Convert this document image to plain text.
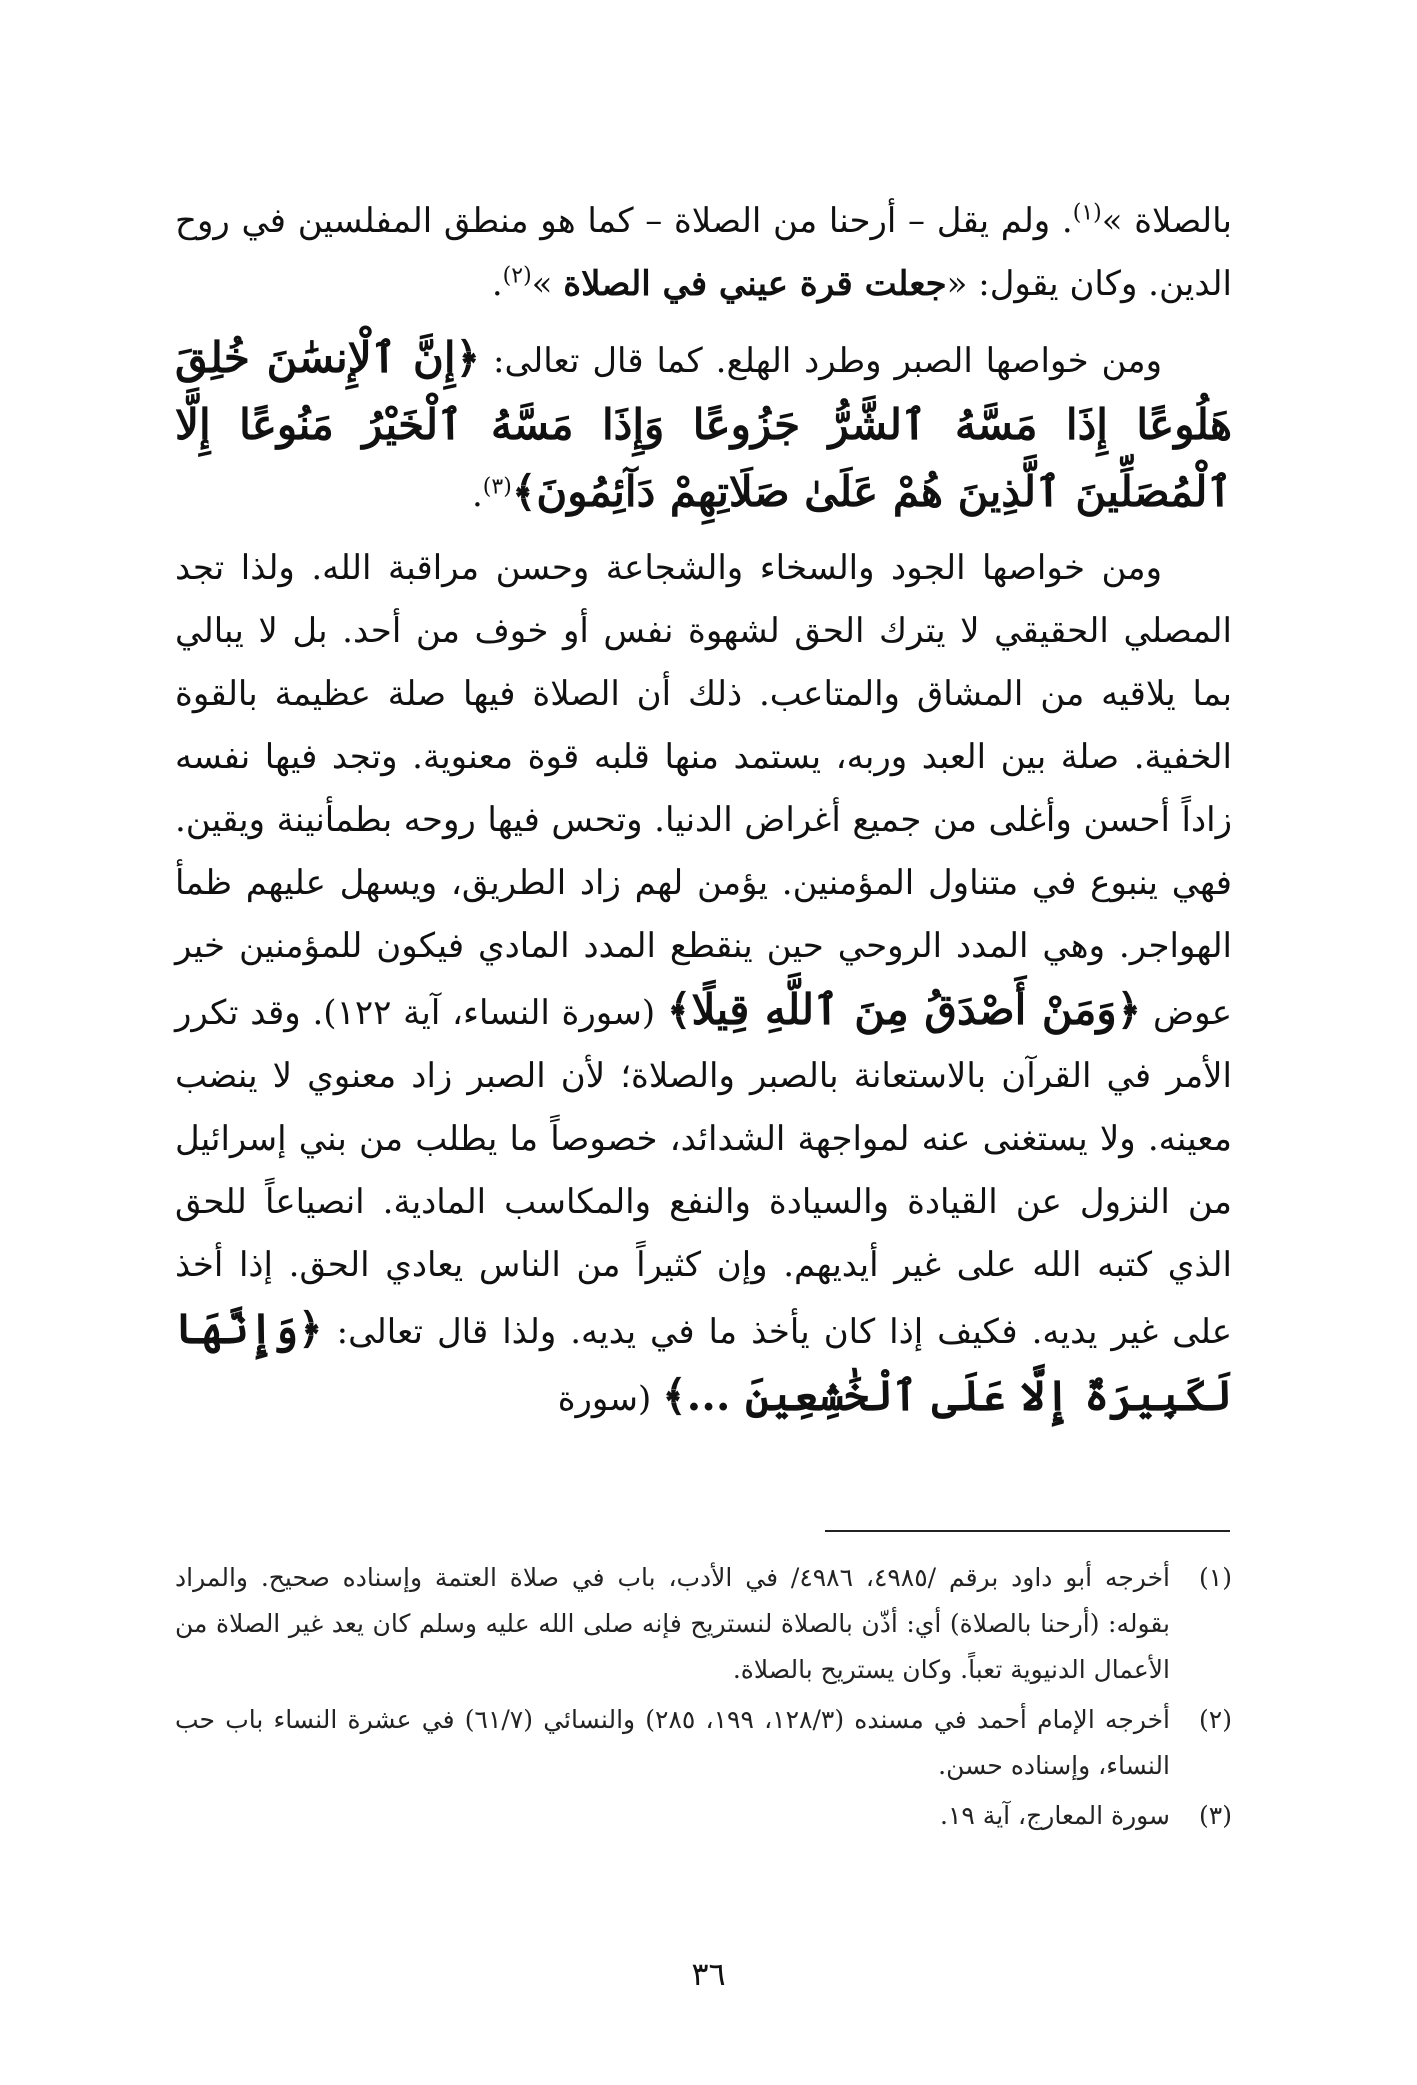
بالصلاة »$^{(١)}$. ولم يقل – أرحنا من الصلاة – كما هو منطق المفلسين في روح الدين. وكان يقول: «جعلت قرة عيني في الصلاة »$^{(٢)}$.

ومن خواصها الصبر وطرد الهلع. كما قال تعالى: ﴿إِنَّ ٱلْإِنسَٰنَ خُلِقَ هَلُوعًا إِذَا مَسَّهُ ٱلشَّرُّ جَزُوعًا وَإِذَا مَسَّهُ ٱلْخَيْرُ مَنُوعًا إِلَّا ٱلْمُصَلِّينَ ٱلَّذِينَ هُمْ عَلَىٰ صَلَاتِهِمْ دَآئِمُونَ﴾$^{(٣)}$.

ومن خواصها الجود والسخاء والشجاعة وحسن مراقبة الله. ولذا تجد المصلي الحقيقي لا يترك الحق لشهوة نفس أو خوف من أحد. بل لا يبالي بما يلاقيه من المشاق والمتاعب. ذلك أن الصلاة فيها صلة عظيمة بالقوة الخفية. صلة بين العبد وربه، يستمد منها قلبه قوة معنوية. وتجد فيها نفسه زاداً أحسن وأغلى من جميع أغراض الدنيا. وتحس فيها روحه بطمأنينة ويقين. فهي ينبوع في متناول المؤمنين. يؤمن لهم زاد الطريق، ويسهل عليهم ظمأ الهواجر. وهي المدد الروحي حين ينقطع المدد المادي فيكون للمؤمنين خير عوض ﴿وَمَنْ أَصْدَقُ مِنَ ٱللَّهِ قِيلًا﴾ (سورة النساء، آية ١٢٢). وقد تكرر الأمر في القرآن بالاستعانة بالصبر والصلاة؛ لأن الصبر زاد معنوي لا ينضب معينه. ولا يستغنى عنه لمواجهة الشدائد، خصوصاً ما يطلب من بني إسرائيل من النزول عن القيادة والسيادة والنفع والمكاسب المادية. انصياعاً للحق الذي كتبه الله على غير أيديهم. وإن كثيراً من الناس يعادي الحق. إذا أخذ على غير يديه. فكيف إذا كان يأخذ ما في يديه. ولذا قال تعالى: ﴿وَإِنَّهَا لَكَبِيرَةٌ إِلَّا عَلَى ٱلْخَٰشِعِينَ ...﴾ (سورة

(١)
أخرجه أبو داود برقم /٤٩٨٥، ٤٩٨٦/ في الأدب، باب في صلاة العتمة وإسناده صحيح. والمراد بقوله: (أرحنا بالصلاة) أي: أذّن بالصلاة لنستريح فإنه صلى الله عليه وسلم كان يعد غير الصلاة من الأعمال الدنيوية تعباً. وكان يستريح بالصلاة.
(٢)
أخرجه الإمام أحمد في مسنده (١٢٨/٣، ١٩٩، ٢٨٥) والنسائي (٦١/٧) في عشرة النساء باب حب النساء، وإسناده حسن.
(٣)
سورة المعارج، آية ١٩.
٣٦
